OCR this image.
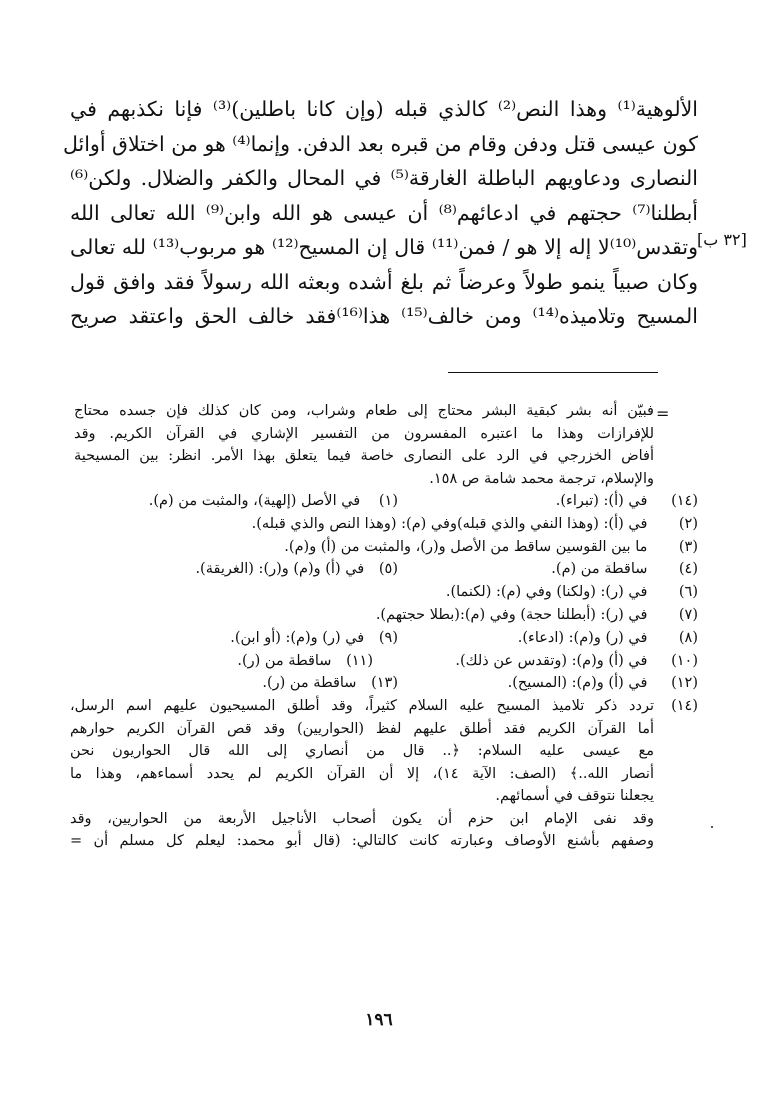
الألوهية⁽¹⁾ وهذا النص⁽²⁾ كالذي قبله (وإن كانا باطلين)⁽³⁾ فإنا نكذبهم في
كون عيسى قتل ودفن وقام من قبره بعد الدفن. وإنما⁽⁴⁾ هو من اختلاق أوائل
النصارى ودعاويهم الباطلة الغارقة⁽⁵⁾ في المحال والكفر والضلال. ولكن⁽⁶⁾
أبطلنا⁽⁷⁾ حجتهم في ادعائهم⁽⁸⁾ أن عيسى هو الله وابن⁽⁹⁾ الله تعالى الله
وتقدس⁽¹⁰⁾لا إله إلا هو / فمن⁽¹¹⁾ قال إن المسيح⁽¹²⁾ هو مربوب⁽¹³⁾ لله تعالى
وكان صبياً ينمو طولاً وعرضاً ثم بلغ أشده وبعثه الله رسولاً فقد وافق قول
المسيح وتلاميذه⁽¹⁴⁾ ومن خالف⁽¹⁵⁾ هذا⁽¹⁶⁾فقد خالف الحق واعتقد صريح
[٣٢ ب]
=
فبيّن أنه بشر كبقية البشر محتاج إلى طعام وشراب، ومن كان كذلك فإن جسده محتاج
للإفرازات وهذا ما اعتبره المفسرون من التفسير الإشاري في القرآن الكريم. وقد
أفاض الخزرجي في الرد على النصارى خاصة فيما يتعلق بهذا الأمر. انظر: بين المسيحية
والإسلام، ترجمة محمد شامة ص ١٥٨.
(١٤) في (أ): (تبراء).
(١) في الأصل (إلهية)، والمثبت من (م).
(٢) في (أ): (وهذا النفي والذي قبله)وفي (م): (وهذا النص والذي قبله).
(٣) ما بين القوسين ساقط من الأصل و(ر)، والمثبت من (أ) و(م).
(٤) ساقطة من (م).
(٥) في (أ) و(م) و(ر): (الغريقة).
(٦) في (ر): (ولكنا) وفي (م): (لكنما).
(٧) في (ر): (أبطلنا حجة) وفي (م):(بطلا حجتهم).
(٨) في (ر) و(م): (ادعاء).
(٩) في (ر) و(م): (أو ابن).
(١٠) في (أ) و(م): (وتقدس عن ذلك).
(١١) ساقطة من (ر).
(١٢) في (أ) و(م): (المسيح).
(١٣) ساقطة من (ر).
(١٤)
تردد ذكر تلاميذ المسيح عليه السلام كثيراً، وقد أطلق المسيحيون عليهم اسم الرسل،
أما القرآن الكريم فقد أطلق عليهم لفظ (الحواريين) وقد قص القرآن الكريم حوارهم
مع عيسى عليه السلام: ﴿.. قال من أنصاري إلى الله قال الحواريون نحن
أنصار الله..﴾ (الصف: الآية ١٤)، إلا أن القرآن الكريم لم يحدد أسماءهم، وهذا ما
يجعلنا نتوقف في أسمائهم.
وقد نفى الإمام ابن حزم أن يكون أصحاب الأناجيل الأربعة من الحواريين، وقد
وصفهم بأشنع الأوصاف وعبارته كانت كالتالي: (قال أبو محمد: ليعلم كل مسلم أن =
١٩٦
